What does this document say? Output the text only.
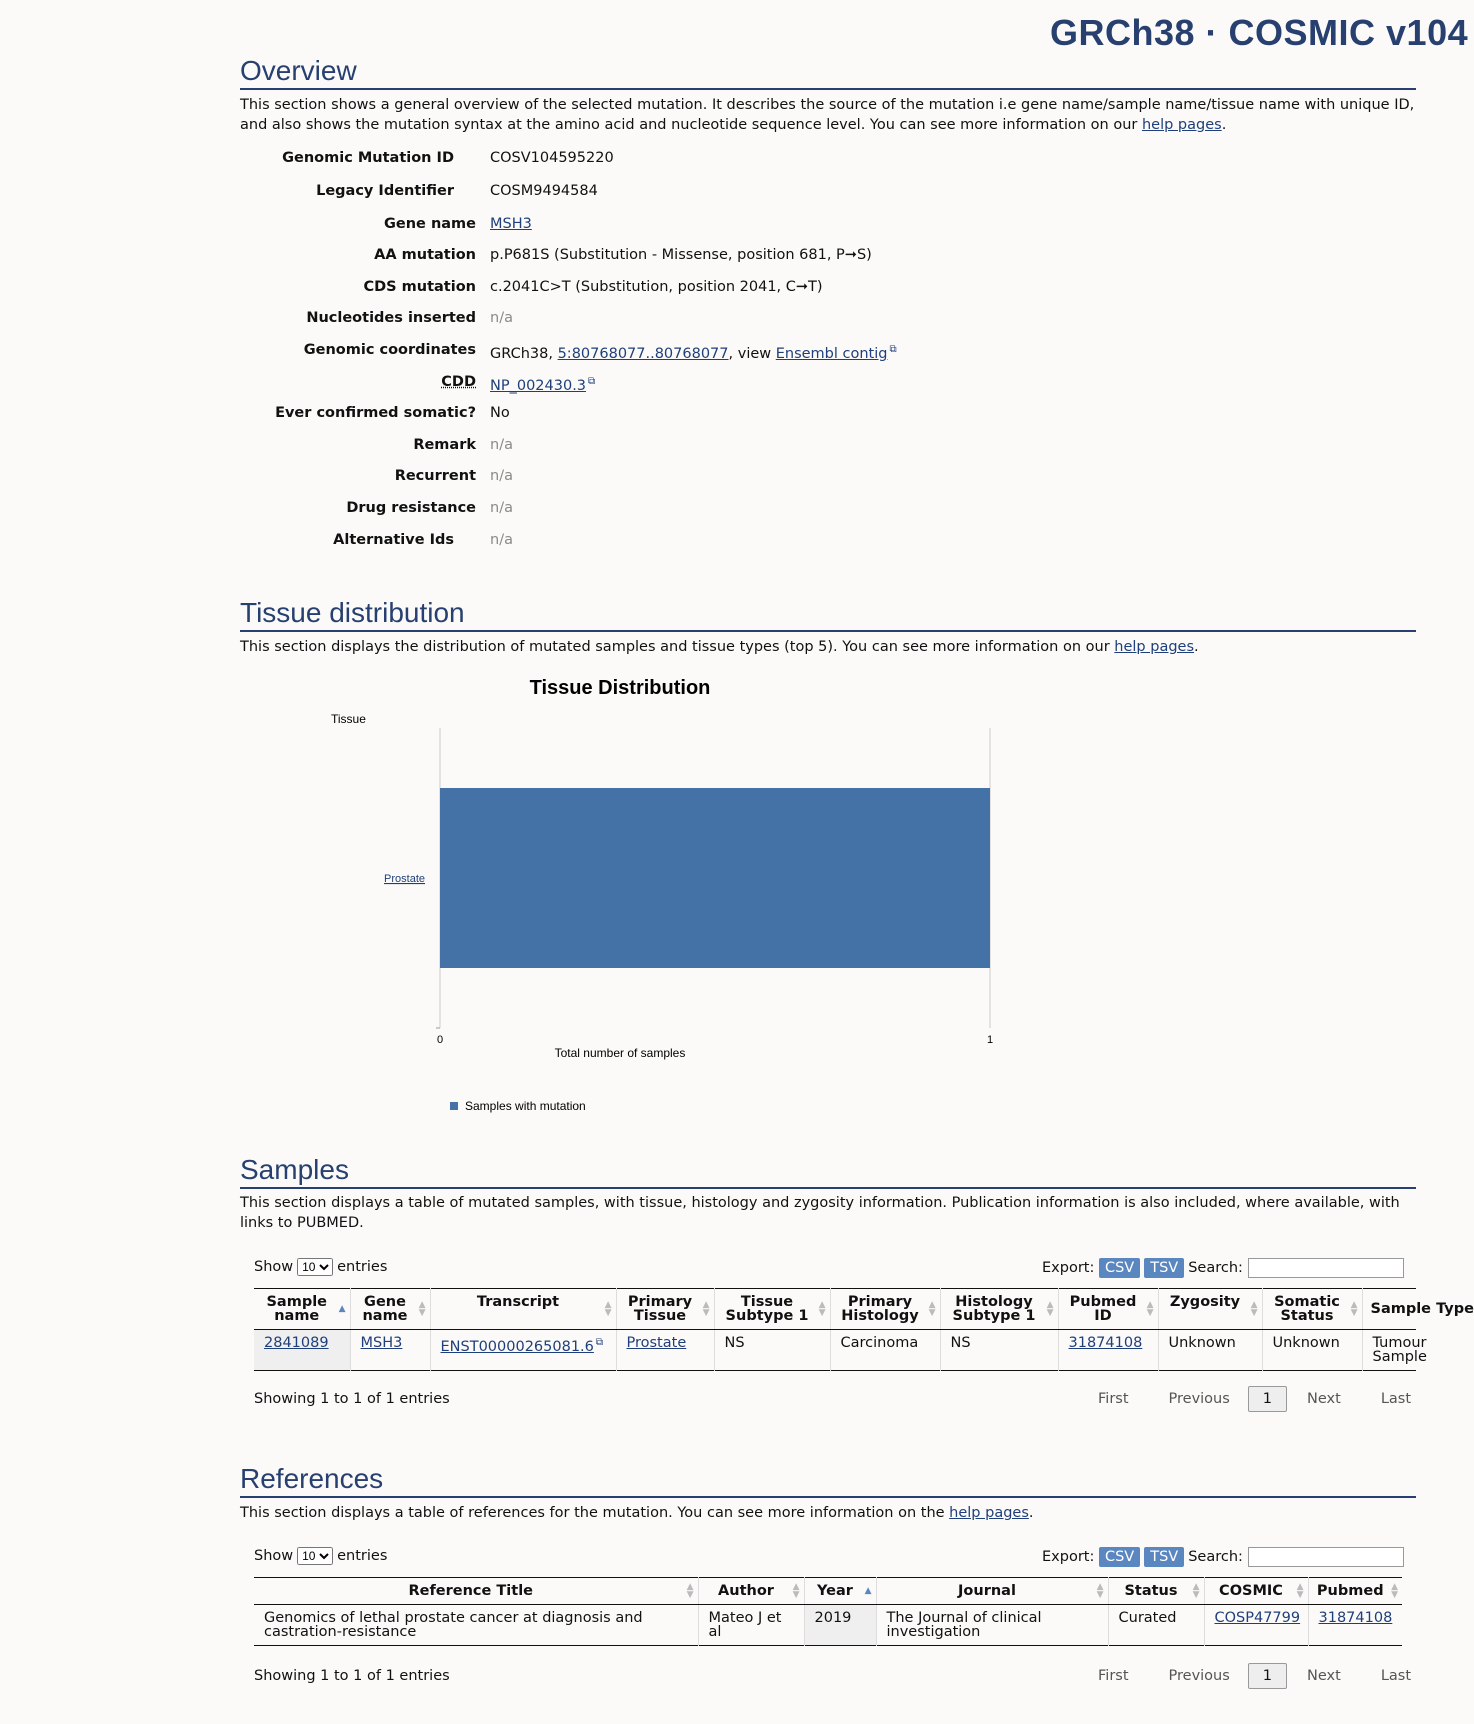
GRCh38 · COSMIC v104
Overview
This section shows a general overview of the selected mutation. It describes the source of the mutation i.e gene name/sample name/tissue name with unique ID, and also shows the mutation syntax at the amino acid and nucleotide sequence level. You can see more information on our help pages.
Genomic Mutation ID COSV104595220
Legacy Identifier COSM9494584
Gene name MSH3
AA mutation p.P681S (Substitution - Missense, position 681, P➞S)
CDS mutation c.2041C>T (Substitution, position 2041, C➞T)
Nucleotides inserted n/a
Genomic coordinates GRCh38, 5:80768077..80768077, view Ensembl contig ⧉
CDD NP_002430.3 ⧉
Ever confirmed somatic? No
Remark n/a
Recurrent n/a
Drug resistance n/a
Alternative Ids n/a
Tissue distribution
This section displays the distribution of mutated samples and tissue types (top 5). You can see more information on our help pages.
Tissue Distribution
Tissue
0	1
Prostate
Total number of samples
Samples with mutation
Samples
This section displays a table of mutated samples, with tissue, histology and zygosity information. Publication information is also included, where available, with links to PUBMED.
Show
10	entries	Export: CSV TSV Search:
Sample name ▲	Gene name
▲
▼	Transcript ▲
▼	Primary Tissue
▲
▼	Tissue Subtype 1
▲
▼	Primary Histology
▲
▼	Histology Subtype 1
▲
▼	Pubmed ID
▲
▼	Zygosity ▲
▼	Somatic Status
▲
▼	Sample Type
2841089	MSH3	ENST00000265081.6 ⧉	Prostate	NS	Carcinoma	NS	31874108	Unknown	Unknown	Tumour Sample
Showing 1 to 1 of 1 entries	First	Previous 1 Next	Last
References
This section displays a table of references for the mutation. You can see more information on the help pages.
Show
10	entries	Export: CSV TSV Search:
Reference Title ▲
▼	Author ▲
▼	Year ▲	Journal ▲
▼	Status ▲
▼	COSMIC ▲
▼	Pubmed ▲
▼

Genomics of lethal prostate cancer at diagnosis and castration-resistance	Mateo J et al	2019	The Journal of clinical investigation	Curated	COSP47799	31874108
Showing 1 to 1 of 1 entries	First	Previous 1 Next	Last
